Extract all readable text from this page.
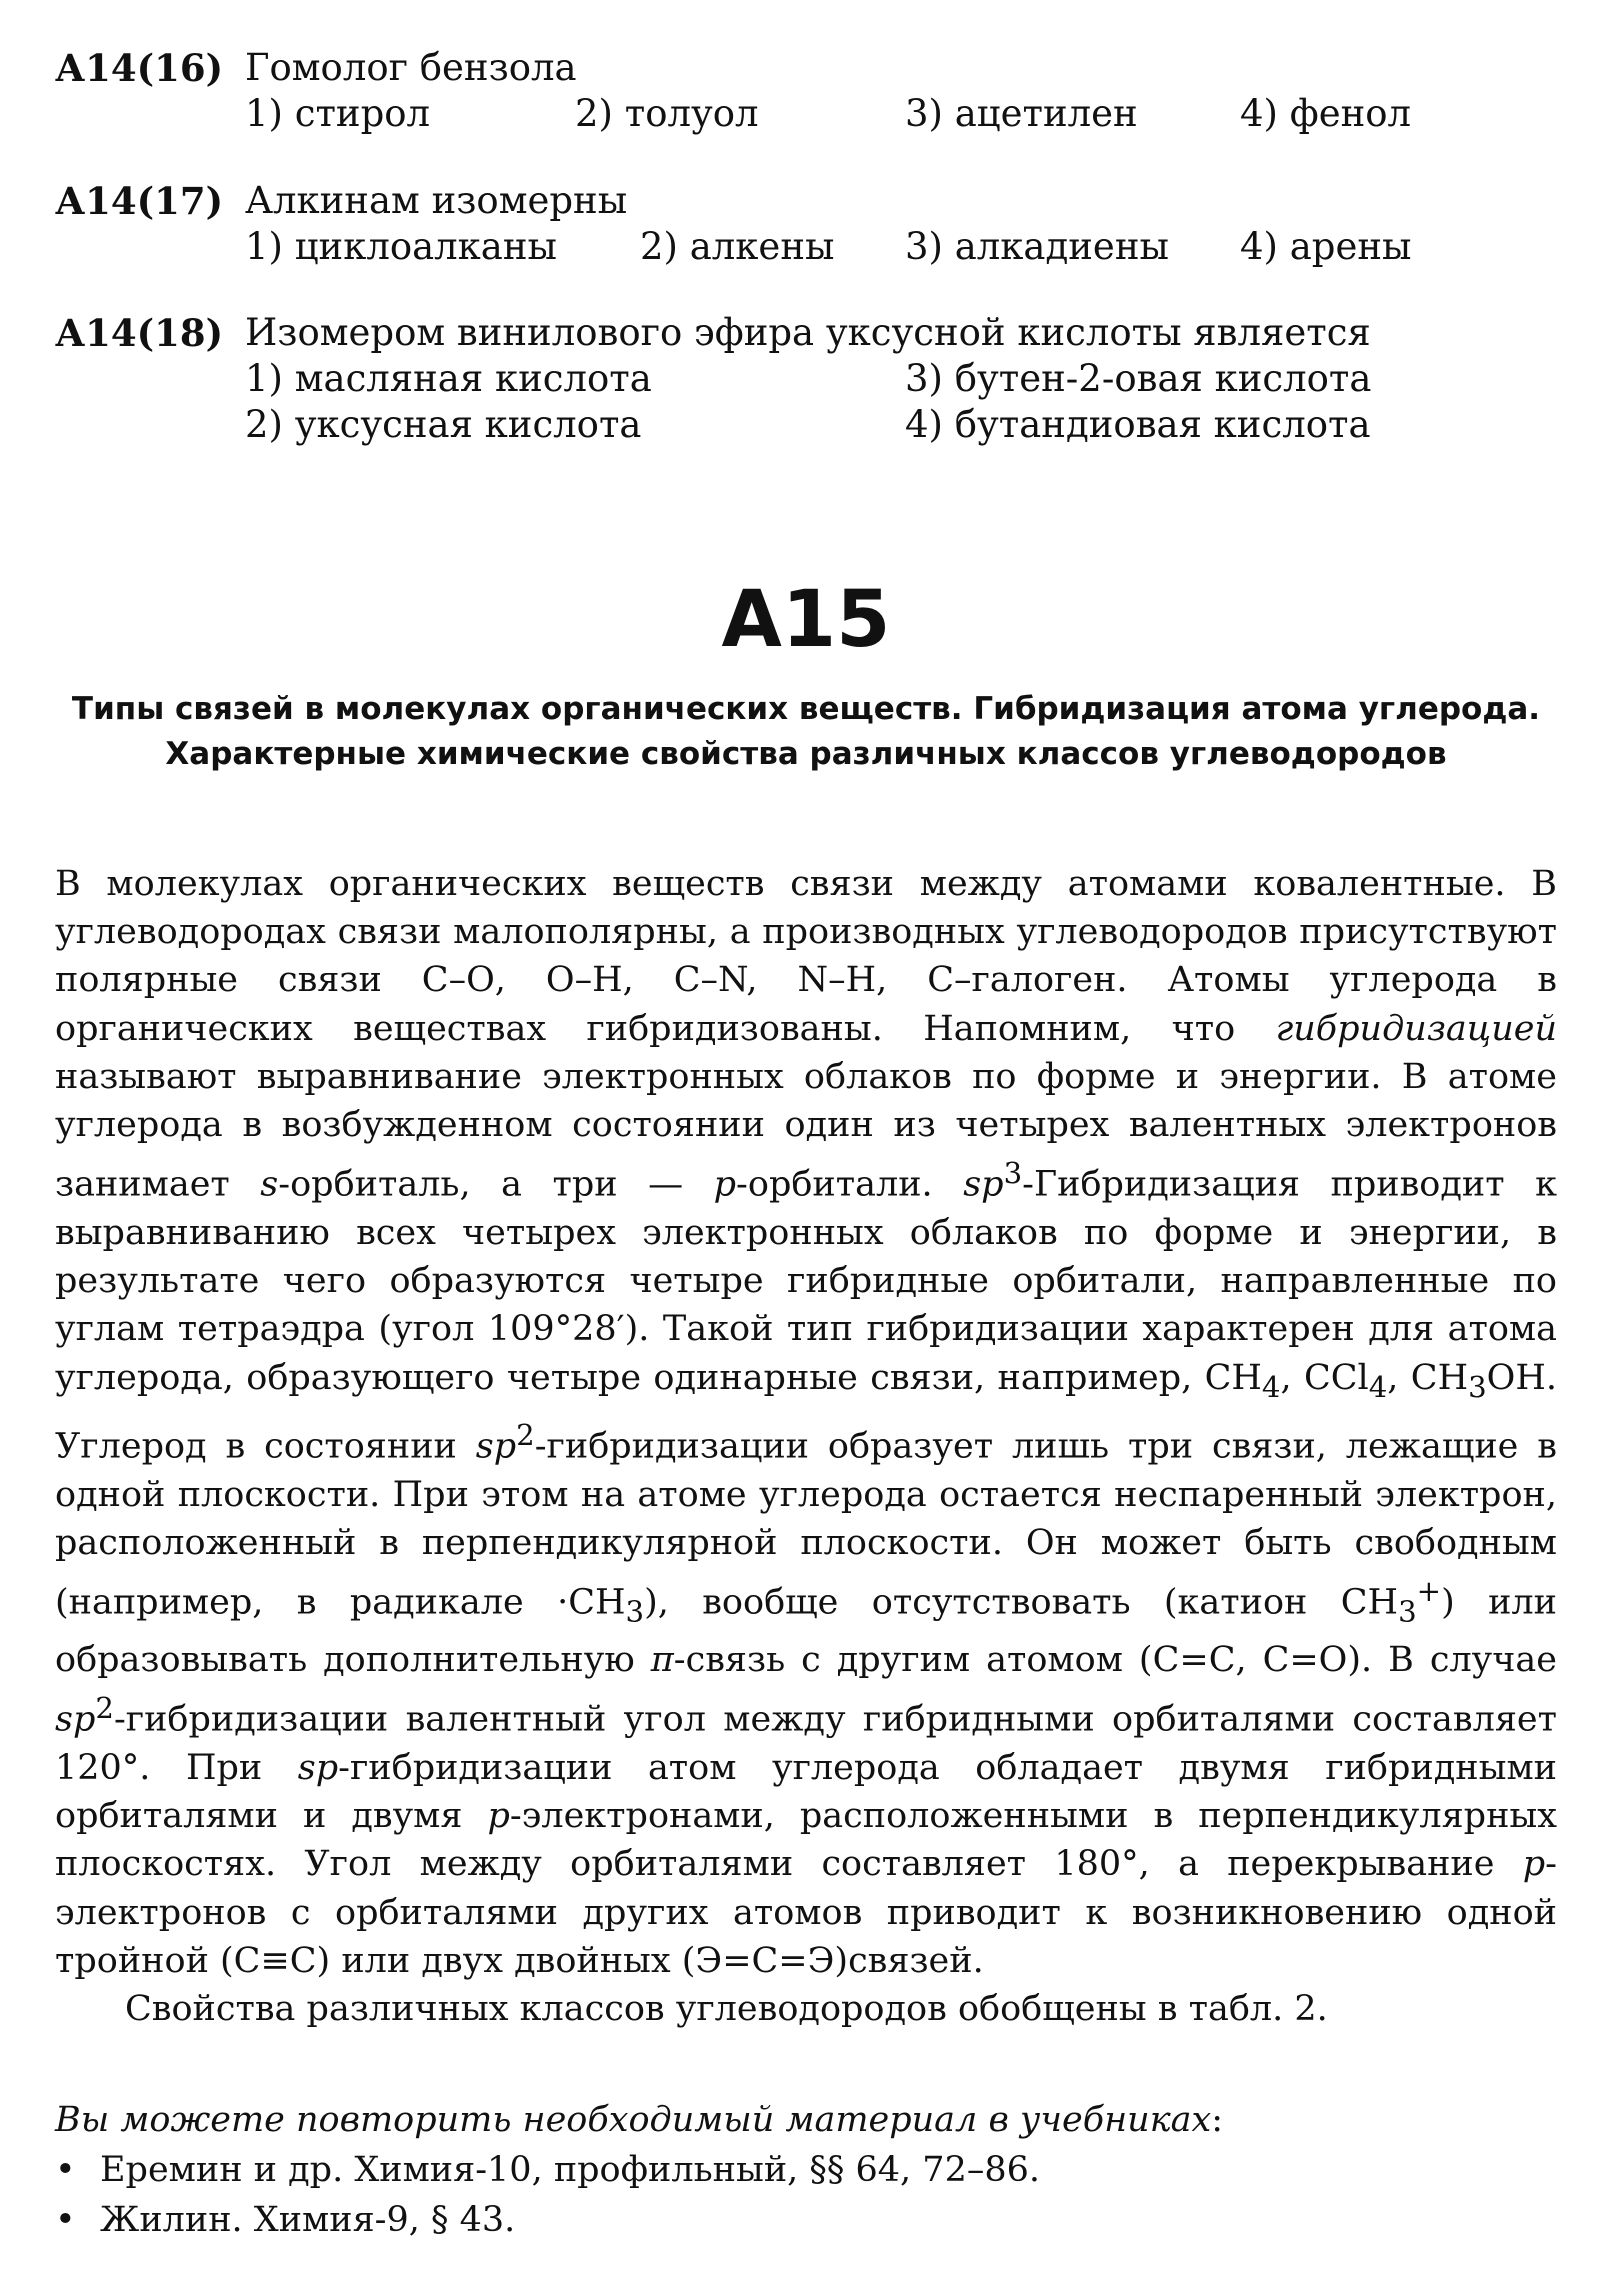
А14(16) Гомолог бензола
1) стирол	2) толуол	3) ацетилен	4) фенол
А14(17) Алкинам изомерны
1) циклоалканы 2) алкены 3) алкадиены 4) арены
А14(18) Изомером винилового эфира уксусной кислоты является
1) масляная кислота	3) бутен-2-овая кислота
2) уксусная кислота	4) бутандиовая кислота
А15
Типы связей в молекулах органических веществ. Гибридизация атома углерода. Характерные химические свойства различных классов углеводородов

В молекулах органических веществ связи между атомами ковалентные. В углеводородах связи малополярны, а производных углеводородов присутствуют полярные связи С–О, О–Н, С–N, N–Н, С–галоген. Атомы углерода в органических веществах гибридизованы. Напомним, что гибридизацией называют выравнивание электронных облаков по форме и энергии. В атоме углерода в возбужденном состоянии один из четырех валентных электронов занимает s-орбиталь, а три — p-орбитали. $sp^3$-Гибридизация приводит к выравниванию всех четырех электронных облаков по форме и энергии, в результате чего образуются четыре гибридные орбитали, направленные по углам тетраэдра (угол 109°28′). Такой тип гибридизации характерен для атома углерода, образующего четыре одинарные связи, например, $СН_4$, ССl$_4$, $СН_3ОН$. Углерод в состоянии $sp^2$-гибридизации образует лишь три связи, лежащие в одной плоскости. При этом на атоме углерода остается неспаренный электрон, расположенный в перпендикулярной плоскости. Он может быть свободным (например, в радикале $\cdot СН_3$), вообще отсутствовать (катион $СН_3^+$) или образовывать дополнительную π-связь с другим атомом (С=С, С=О). В случае $sp^2$-гибридизации валентный угол между гибридными орбиталями составляет 120°. При sp-гибридизации атом углерода обладает двумя гибридными орбиталями и двумя p-электронами, расположенными в перпендикулярных плоскостях. Угол между орбиталями составляет 180°, а перекрывание p-электронов с орбиталями других атомов приводит к возникновению одной тройной (С≡С) или двух двойных (Э=С=Э)связей.

Свойства различных классов углеводородов обобщены в табл. 2.

Вы можете повторить необходимый материал в учебниках:
• Еремин и др. Химия-10, профильный, §§ 64, 72–86.
• Жилин. Химия-9, § 43.
